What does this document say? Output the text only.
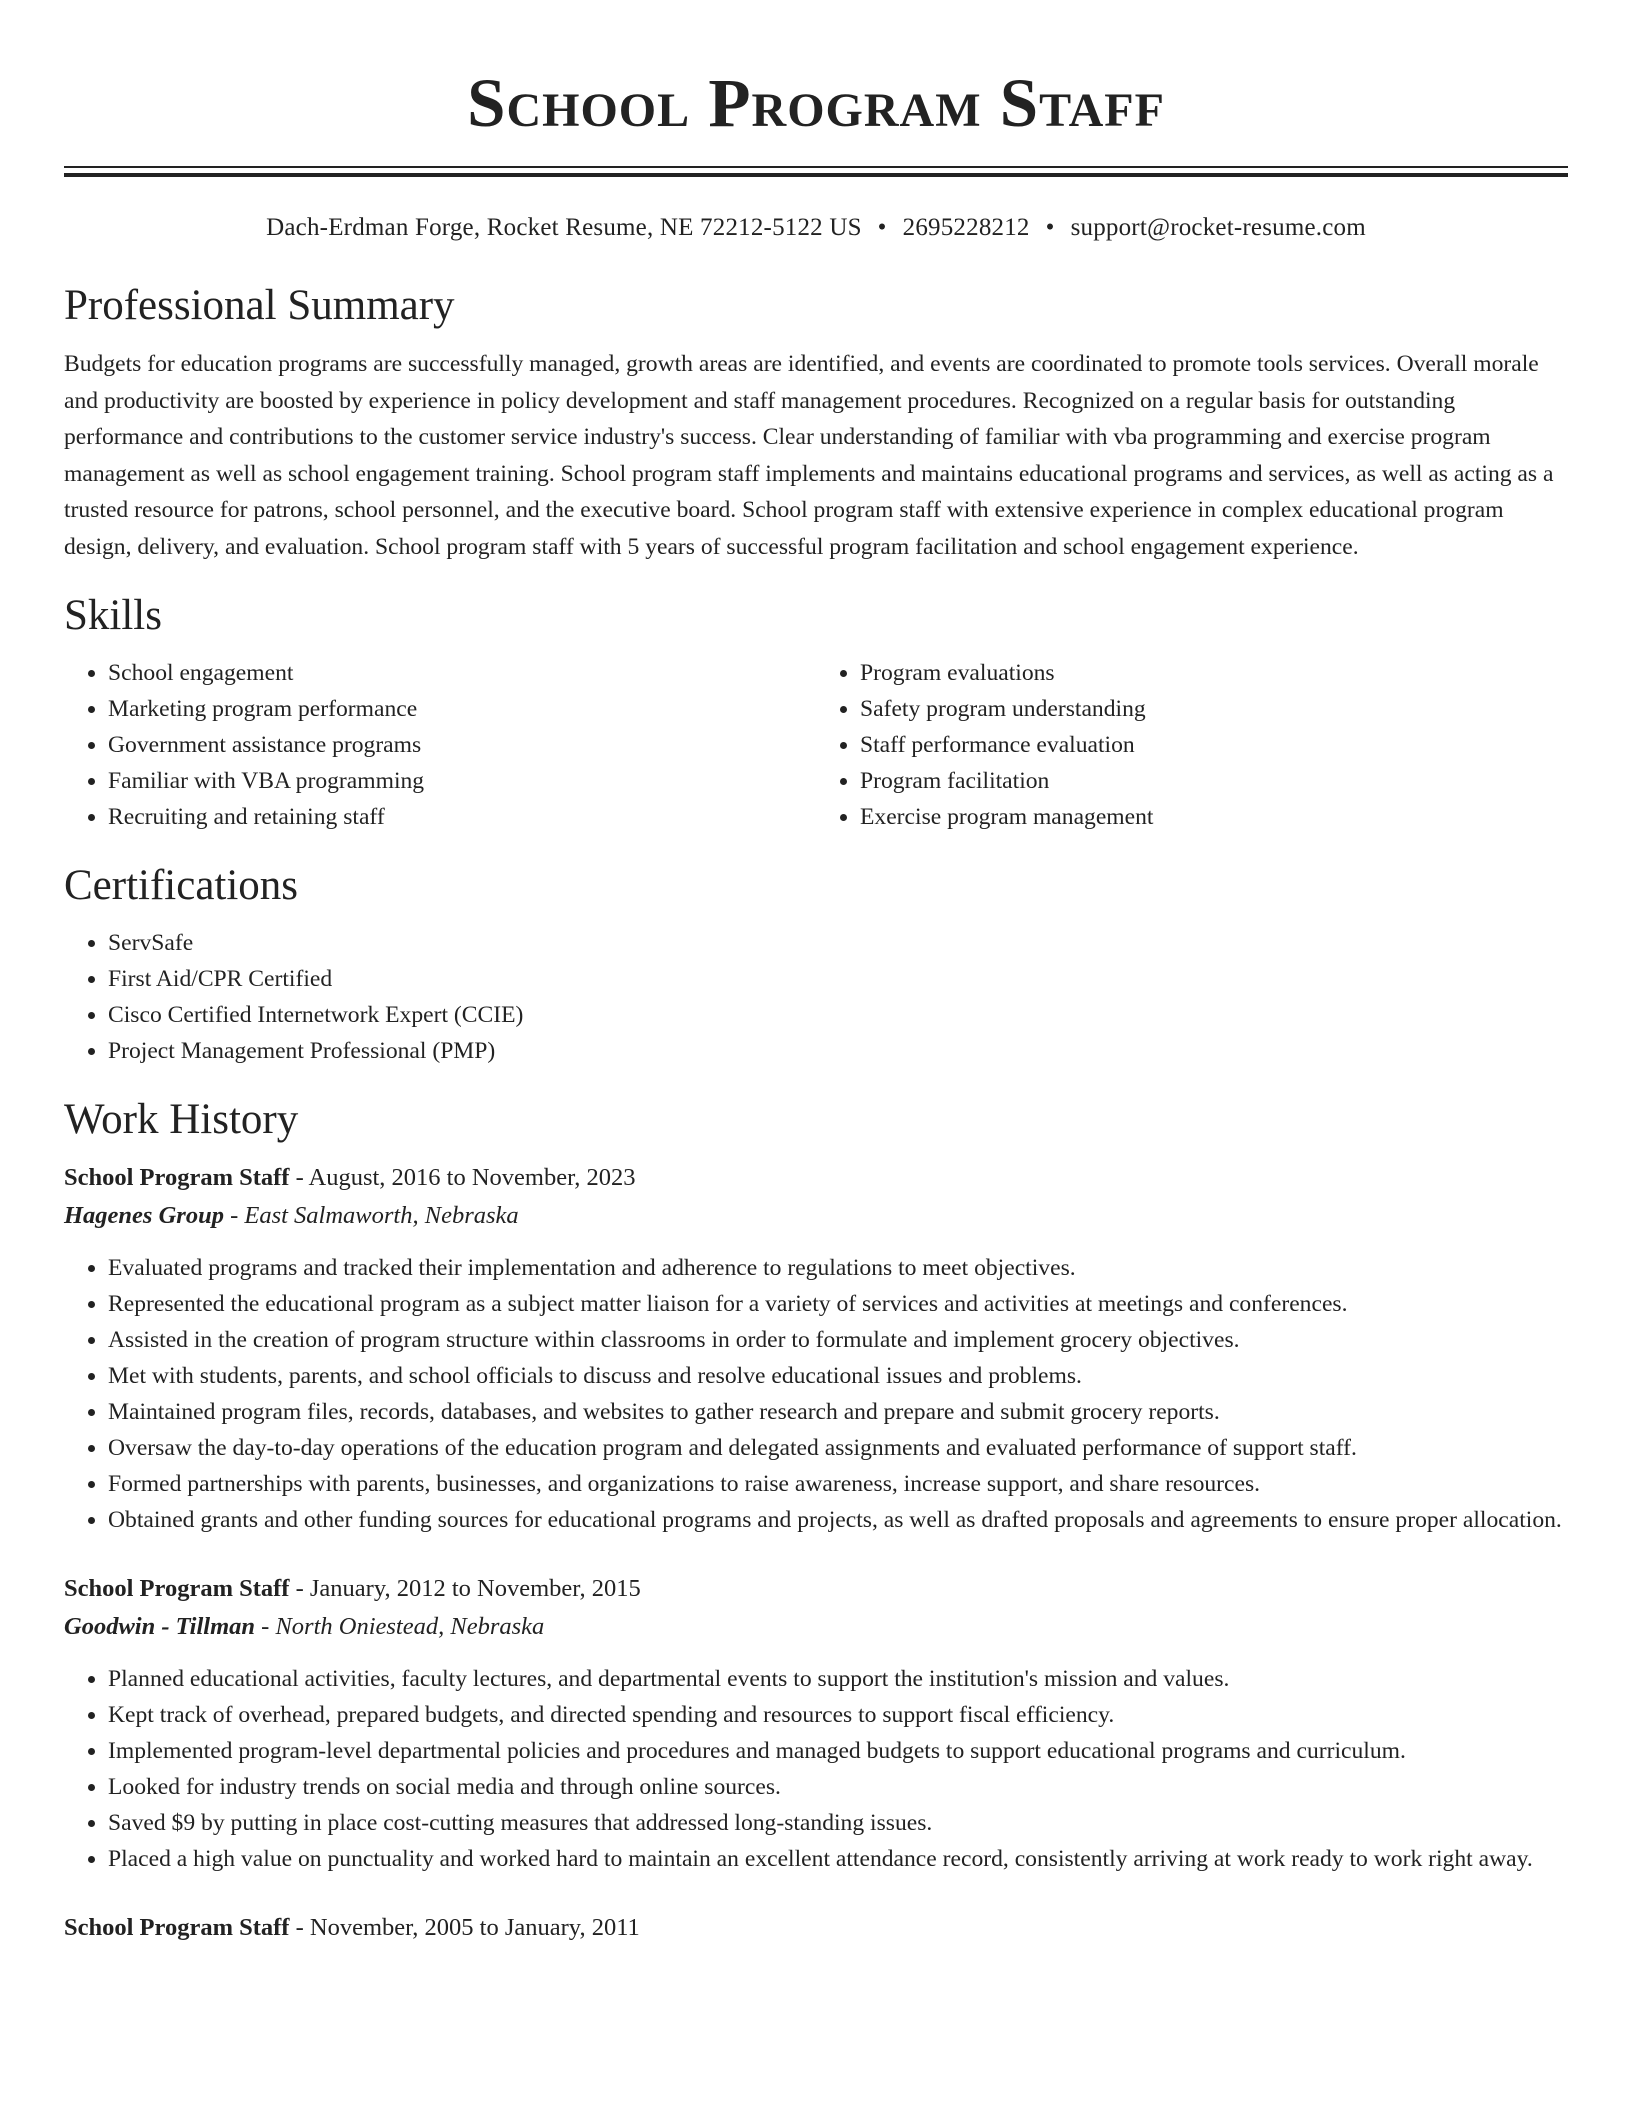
School Program Staff
Dach-Erdman Forge, Rocket Resume, NE 72212-5122 US • 2695228212 • support@rocket-resume.com
Professional Summary

Budgets for education programs are successfully managed, growth areas are identified, and events are coordinated to promote tools services. Overall morale and productivity are boosted by experience in policy development and staff management procedures. Recognized on a regular basis for outstanding performance and contributions to the customer service industry's success. Clear understanding of familiar with vba programming and exercise program management as well as school engagement training. School program staff implements and maintains educational programs and services, as well as acting as a trusted resource for patrons, school personnel, and the executive board. School program staff with extensive experience in complex educational program design, delivery, and evaluation. School program staff with 5 years of successful program facilitation and school engagement experience.

Skills
• School engagement
• Marketing program performance
• Government assistance programs
• Familiar with VBA programming
• Recruiting and retaining staff
• Program evaluations
• Safety program understanding
• Staff performance evaluation
• Program facilitation
• Exercise program management
Certifications
• ServSafe
• First Aid/CPR Certified
• Cisco Certified Internetwork Expert (CCIE)
• Project Management Professional (PMP)
Work History
School Program Staff - August, 2016 to November, 2023
Hagenes Group - East Salmaworth, Nebraska
• Evaluated programs and tracked their implementation and adherence to regulations to meet objectives.
• Represented the educational program as a subject matter liaison for a variety of services and activities at meetings and conferences.
• Assisted in the creation of program structure within classrooms in order to formulate and implement grocery objectives.
• Met with students, parents, and school officials to discuss and resolve educational issues and problems.
• Maintained program files, records, databases, and websites to gather research and prepare and submit grocery reports.
• Oversaw the day-to-day operations of the education program and delegated assignments and evaluated performance of support staff.
• Formed partnerships with parents, businesses, and organizations to raise awareness, increase support, and share resources.
• Obtained grants and other funding sources for educational programs and projects, as well as drafted proposals and agreements to ensure proper allocation.
School Program Staff - January, 2012 to November, 2015
Goodwin - Tillman - North Oniestead, Nebraska
• Planned educational activities, faculty lectures, and departmental events to support the institution's mission and values.
• Kept track of overhead, prepared budgets, and directed spending and resources to support fiscal efficiency.
• Implemented program-level departmental policies and procedures and managed budgets to support educational programs and curriculum.
• Looked for industry trends on social media and through online sources.
• Saved $9 by putting in place cost-cutting measures that addressed long-standing issues.
• Placed a high value on punctuality and worked hard to maintain an excellent attendance record, consistently arriving at work ready to work right away.
School Program Staff - November, 2005 to January, 2011
